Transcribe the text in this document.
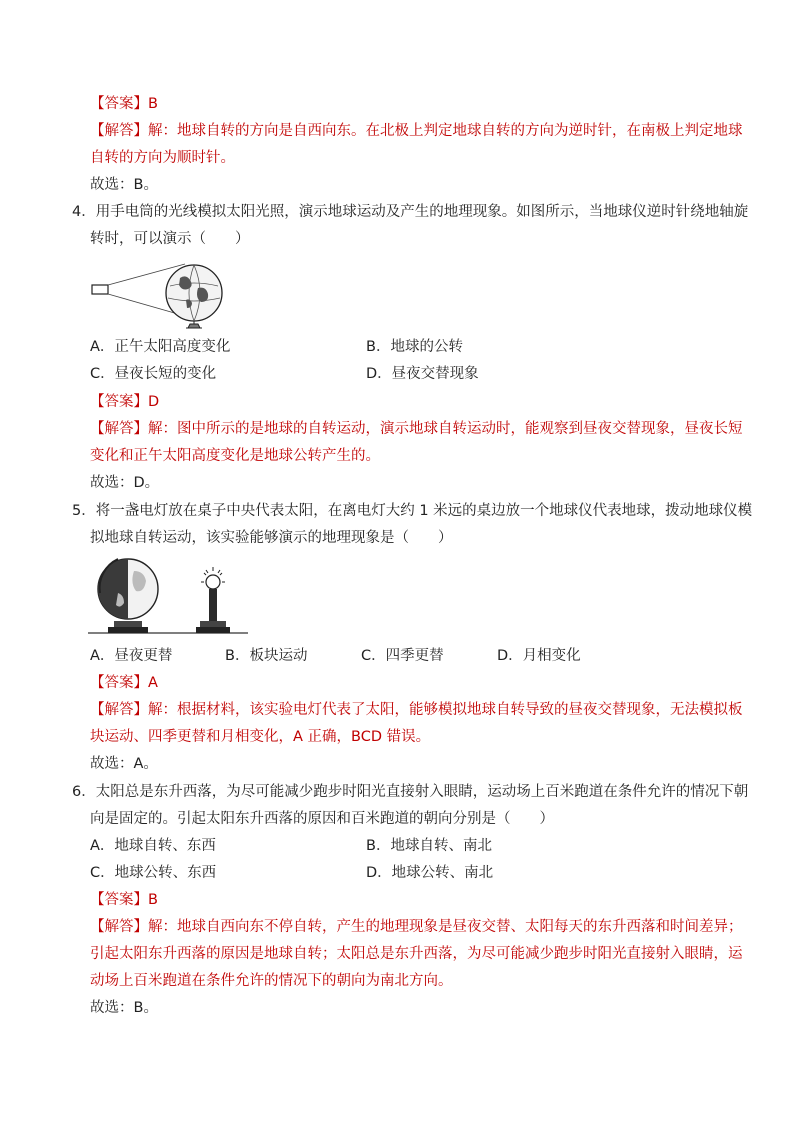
【答案】B
【解答】解：地球自转的方向是自西向东。在北极上判定地球自转的方向为逆时针，在南极上判定地球
自转的方向为顺时针。
故选：B。
4．用手电筒的光线模拟太阳光照，演示地球运动及产生的地理现象。如图所示，当地球仪逆时针绕地轴旋
转时，可以演示（　　）
A．正午太阳高度变化	B．地球的公转
C．昼夜长短的变化	D．昼夜交替现象
【答案】D
【解答】解：图中所示的是地球的自转运动，演示地球自转运动时，能观察到昼夜交替现象，昼夜长短
变化和正午太阳高度变化是地球公转产生的。
故选：D。
5．将一盏电灯放在桌子中央代表太阳，在离电灯大约 1 米远的桌边放一个地球仪代表地球，拨动地球仪模
拟地球自转运动，该实验能够演示的地理现象是（　　）
A．昼夜更替	B．板块运动	C．四季更替	D．月相变化
【答案】A
【解答】解：根据材料，该实验电灯代表了太阳，能够模拟地球自转导致的昼夜交替现象，无法模拟板
块运动、四季更替和月相变化，A 正确，BCD 错误。
故选：A。
6．太阳总是东升西落，为尽可能减少跑步时阳光直接射入眼睛，运动场上百米跑道在条件允许的情况下朝
向是固定的。引起太阳东升西落的原因和百米跑道的朝向分别是（　　）
A．地球自转、东西	B．地球自转、南北
C．地球公转、东西	D．地球公转、南北
【答案】B
【解答】解：地球自西向东不停自转，产生的地理现象是昼夜交替、太阳每天的东升西落和时间差异；
引起太阳东升西落的原因是地球自转；太阳总是东升西落，为尽可能减少跑步时阳光直接射入眼睛，运
动场上百米跑道在条件允许的情况下的朝向为南北方向。
故选：B。
